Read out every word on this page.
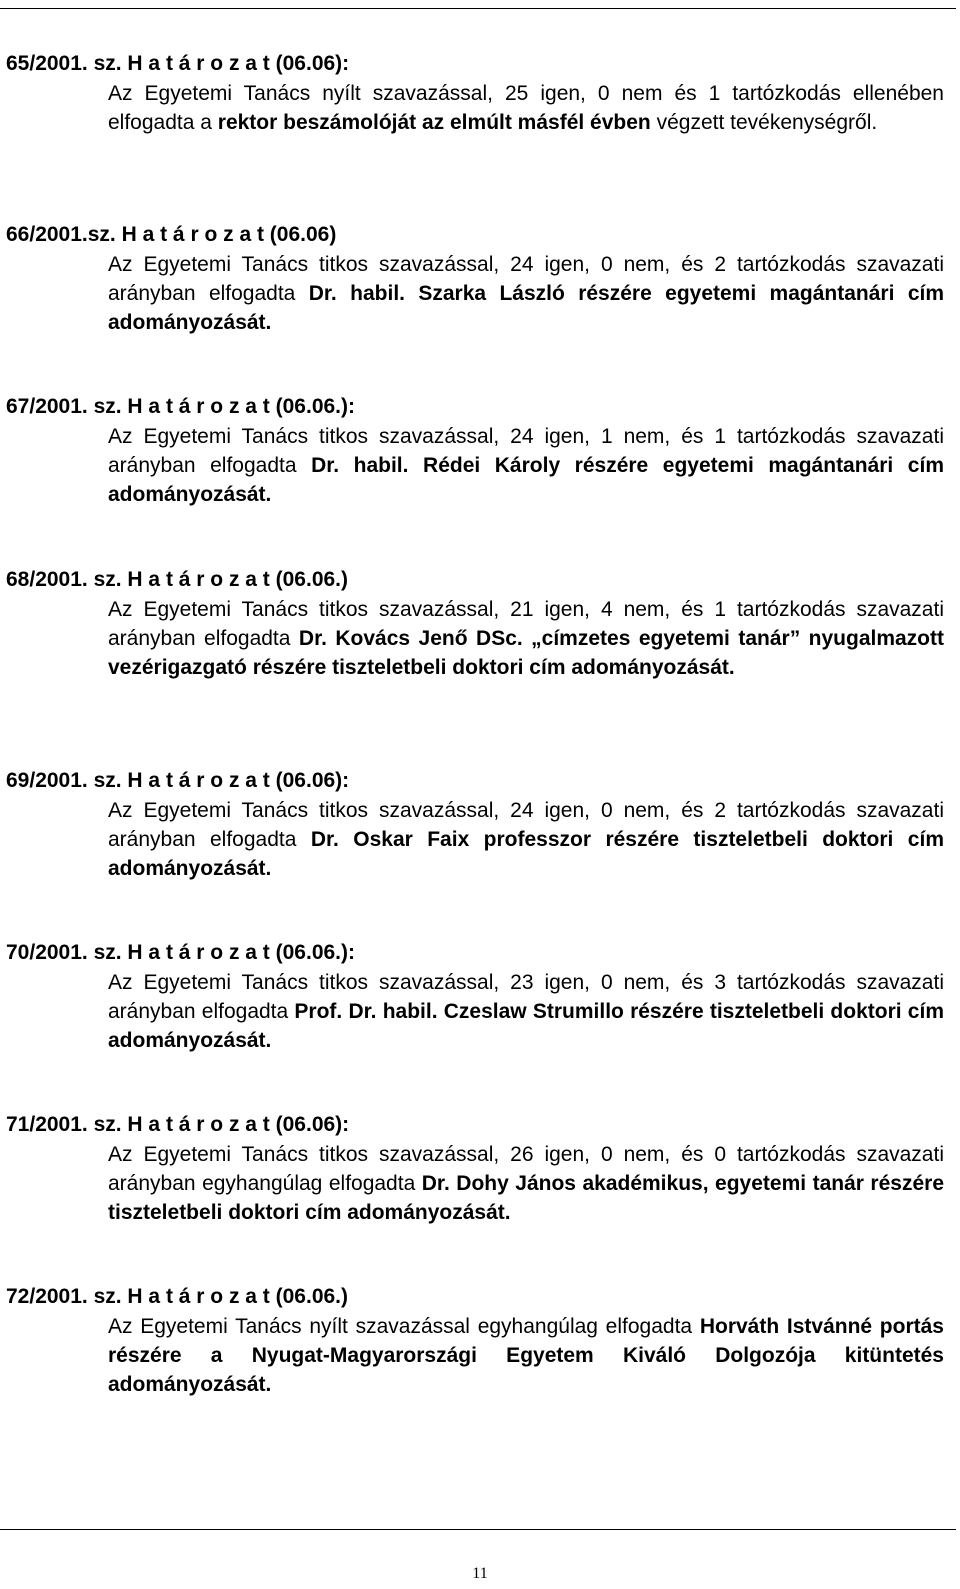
65/2001. sz. H a t á r o z a t (06.06):
Az Egyetemi Tanács nyílt szavazással, 25 igen, 0 nem és 1 tartózkodás ellenében elfogadta a rektor beszámolóját az elmúlt másfél évben végzett tevékenységről.
66/2001.sz. H a t á r o z a t (06.06)
Az Egyetemi Tanács titkos szavazással, 24 igen, 0 nem, és 2 tartózkodás szavazati arányban elfogadta Dr. habil. Szarka László részére egyetemi magántanári cím adományozását.
67/2001. sz. H a t á r o z a t (06.06.):
Az Egyetemi Tanács titkos szavazással, 24 igen, 1 nem, és 1 tartózkodás szavazati arányban elfogadta Dr. habil. Rédei Károly részére egyetemi magántanári cím adományozását.
68/2001. sz. H a t á r o z a t (06.06.)
Az Egyetemi Tanács titkos szavazással, 21 igen, 4 nem, és 1 tartózkodás szavazati arányban elfogadta Dr. Kovács Jenő DSc. „címzetes egyetemi tanár” nyugalmazott vezérigazgató részére tiszteletbeli doktori cím adományozását.
69/2001. sz. H a t á r o z a t (06.06):
Az Egyetemi Tanács titkos szavazással, 24 igen, 0 nem, és 2 tartózkodás szavazati arányban elfogadta Dr. Oskar Faix professzor részére tiszteletbeli doktori cím adományozását.
70/2001. sz. H a t á r o z a t (06.06.):
Az Egyetemi Tanács titkos szavazással, 23 igen, 0 nem, és 3 tartózkodás szavazati arányban elfogadta Prof. Dr. habil. Czeslaw Strumillo részére tiszteletbeli doktori cím adományozását.
71/2001. sz. H a t á r o z a t (06.06):
Az Egyetemi Tanács titkos szavazással, 26 igen, 0 nem, és 0 tartózkodás szavazati arányban egyhangúlag elfogadta Dr. Dohy János akadémikus, egyetemi tanár részére tiszteletbeli doktori cím adományozását.
72/2001. sz. H a t á r o z a t (06.06.)
Az Egyetemi Tanács nyílt szavazással egyhangúlag elfogadta Horváth Istvánné portás részére a Nyugat-Magyarországi Egyetem Kiváló Dolgozója kitüntetés adományozását.
11
